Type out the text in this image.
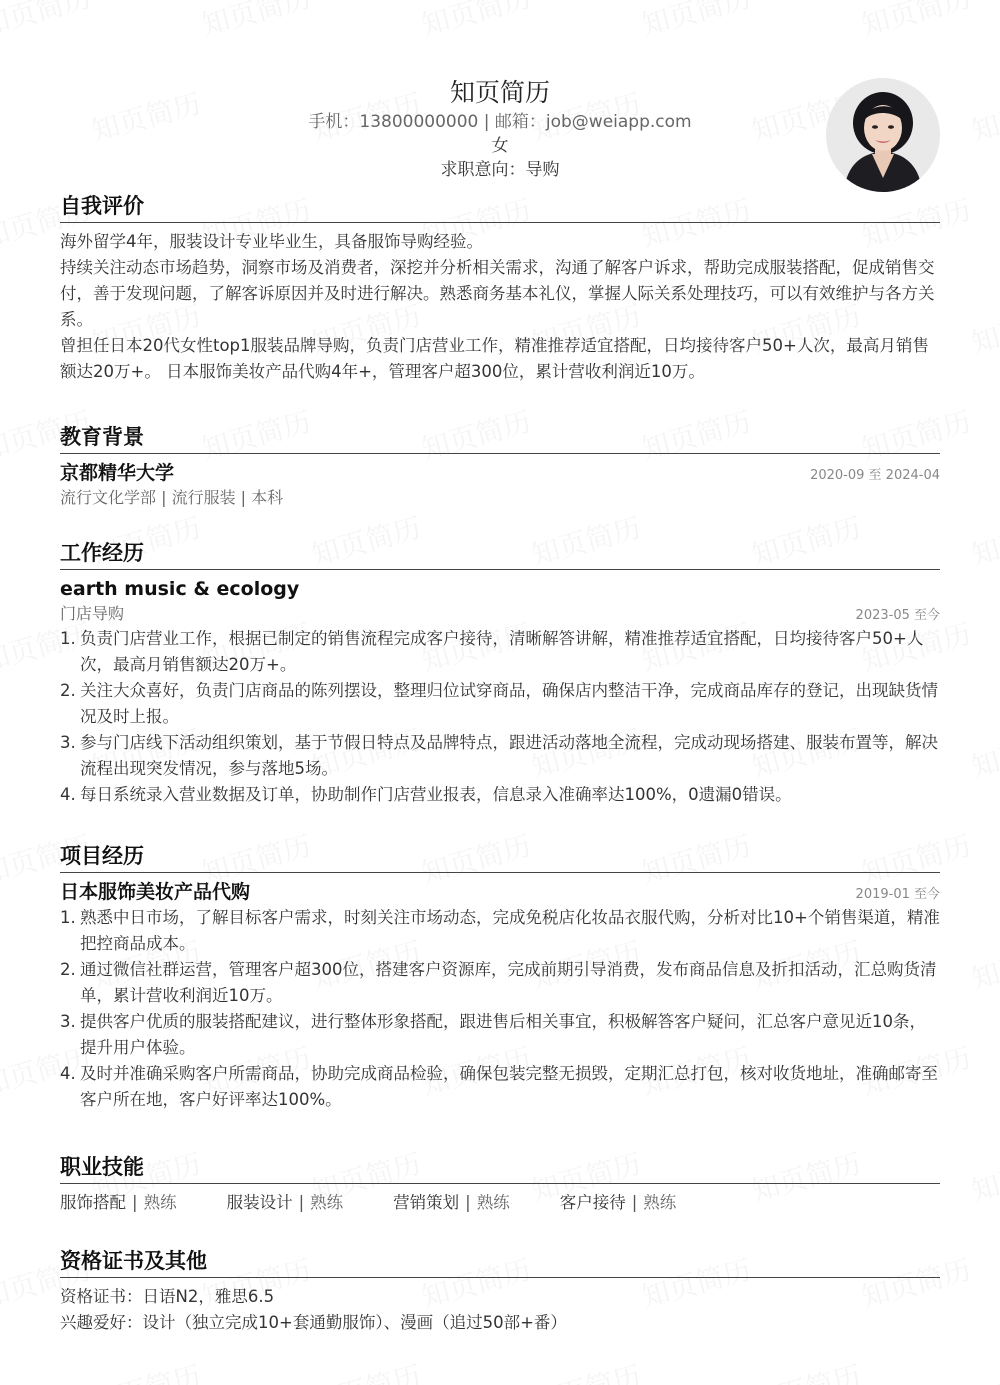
知页简历
手机：13800000000 | 邮箱：job@weiapp.com
女
求职意向：导购
自我评价

海外留学4年，服装设计专业毕业生，具备服饰导购经验。

持续关注动态市场趋势，洞察市场及消费者，深挖并分析相关需求，沟通了解客户诉求，帮助完成服装搭配，促成销售交付，善于发现问题，了解客诉原因并及时进行解决。熟悉商务基本礼仪，掌握人际关系处理技巧，可以有效维护与各方关系。

曾担任日本20代女性top1服装品牌导购，负责门店营业工作，精准推荐适宜搭配，日均接待客户50+人次，最高月销售额达20万+。 日本服饰美妆产品代购4年+，管理客户超300位，累计营收利润近10万。

教育背景
京都精华大学	2020-09 至 2024-04
流行文化学部 | 流行服装 | 本科
工作经历
earth music & ecology
门店导购	2023-05 至今
1. 负责门店营业工作，根据已制定的销售流程完成客户接待，清晰解答讲解，精准推荐适宜搭配，日均接待客户50+人次，最高月销售额达20万+。
2. 关注大众喜好，负责门店商品的陈列摆设，整理归位试穿商品，确保店内整洁干净，完成商品库存的登记，出现缺货情况及时上报。
3. 参与门店线下活动组织策划，基于节假日特点及品牌特点，跟进活动落地全流程，完成动现场搭建、服装布置等，解决流程出现突发情况，参与落地5场。
4. 每日系统录入营业数据及订单，协助制作门店营业报表，信息录入准确率达100%，0遗漏0错误。
项目经历
日本服饰美妆产品代购	2019-01 至今
1. 熟悉中日市场，了解目标客户需求，时刻关注市场动态，完成免税店化妆品衣服代购，分析对比10+个销售渠道，精准把控商品成本。
2. 通过微信社群运营，管理客户超300位，搭建客户资源库，完成前期引导消费，发布商品信息及折扣活动，汇总购货清单，累计营收利润近10万。
3. 提供客户优质的服装搭配建议，进行整体形象搭配，跟进售后相关事宜，积极解答客户疑问，汇总客户意见近10条，提升用户体验。
4. 及时并准确采购客户所需商品，协助完成商品检验，确保包装完整无损毁，定期汇总打包，核对收货地址，准确邮寄至客户所在地，客户好评率达100%。
职业技能
服饰搭配 | 熟练	服装设计 | 熟练	营销策划 | 熟练	客户接待 | 熟练
资格证书及其他

资格证书：日语N2，雅思6.5

兴趣爱好：设计（独立完成10+套通勤服饰）、漫画（追过50部+番）
